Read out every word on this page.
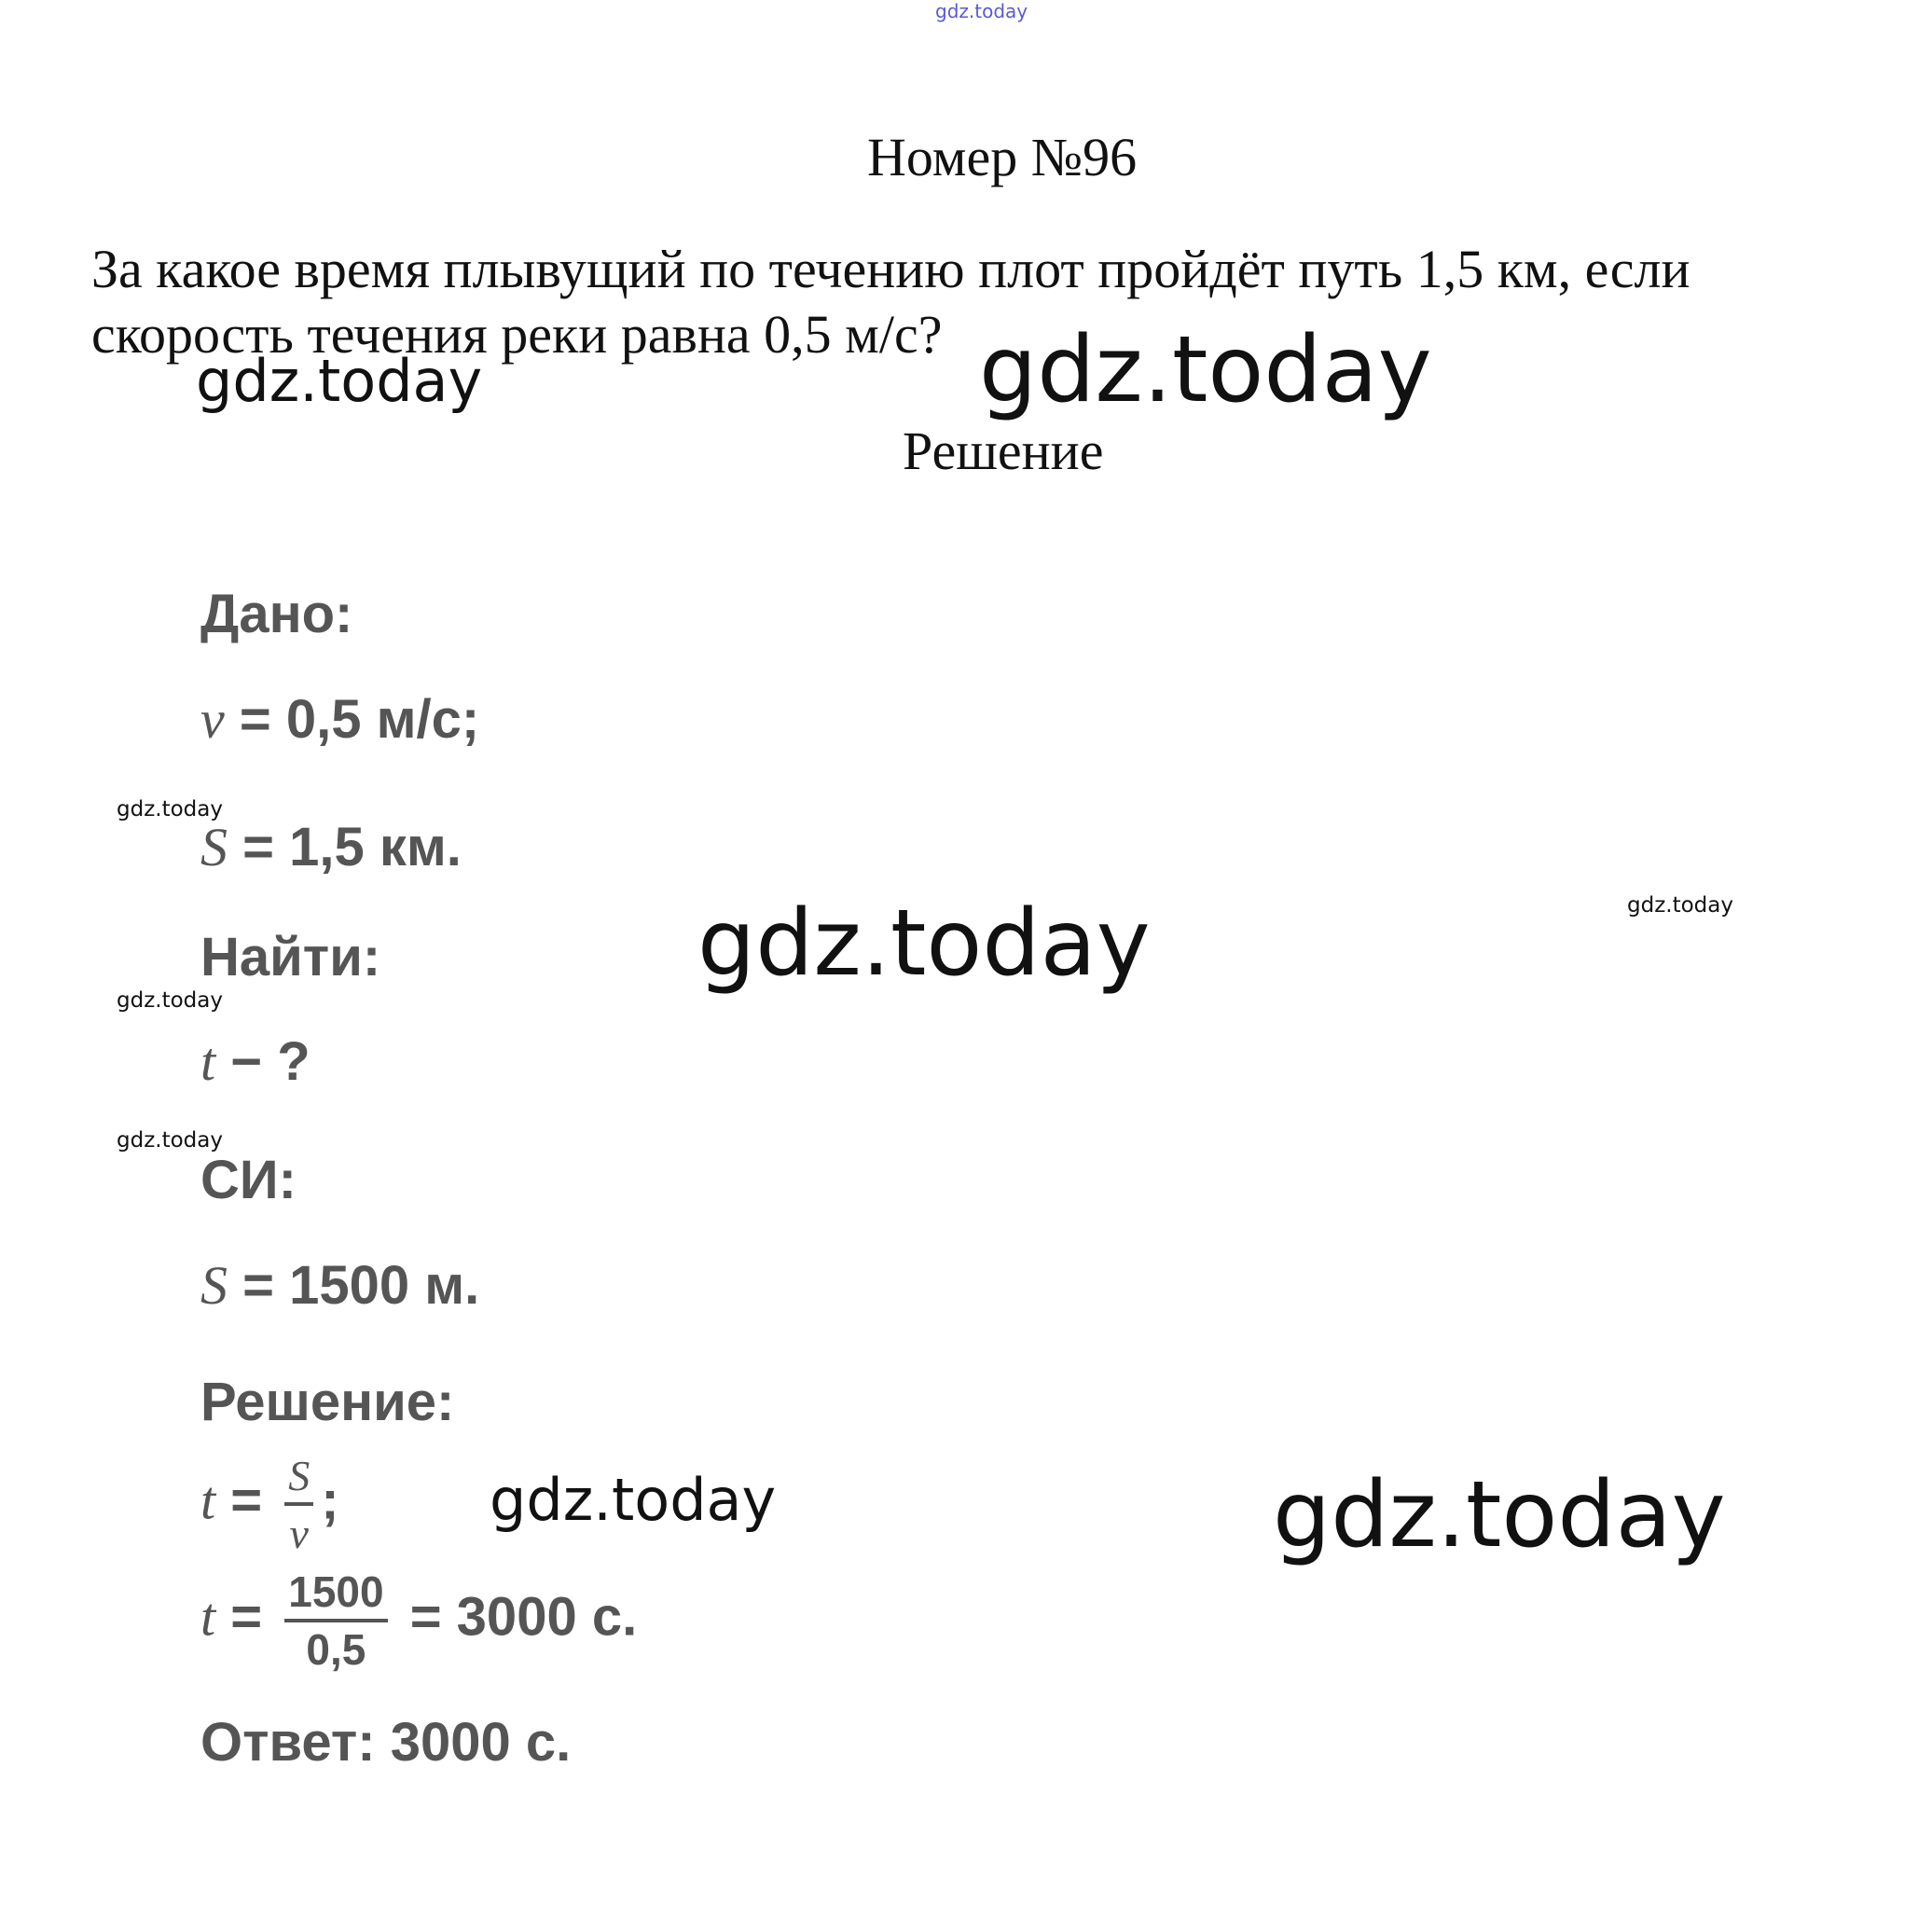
gdz.today
Номер №96
За какое время плывущий по течению плот пройдёт путь 1,5 км, если
скорость течения реки равна 0,5 м/с?
gdz.today	gdz.today
Решение
Дано:
v = 0,5 м/с;
gdz.today
S = 1,5 км.
gdz.today	gdz.today
Найти:
gdz.today
t − ?
gdz.today
СИ:
S = 1500 м.
Решение:
$t = \frac{S}{v}$ ;	gdz.today	gdz.today
$t = \frac{1500}{0,5} = 3000$ с.
Ответ: 3000 с.
